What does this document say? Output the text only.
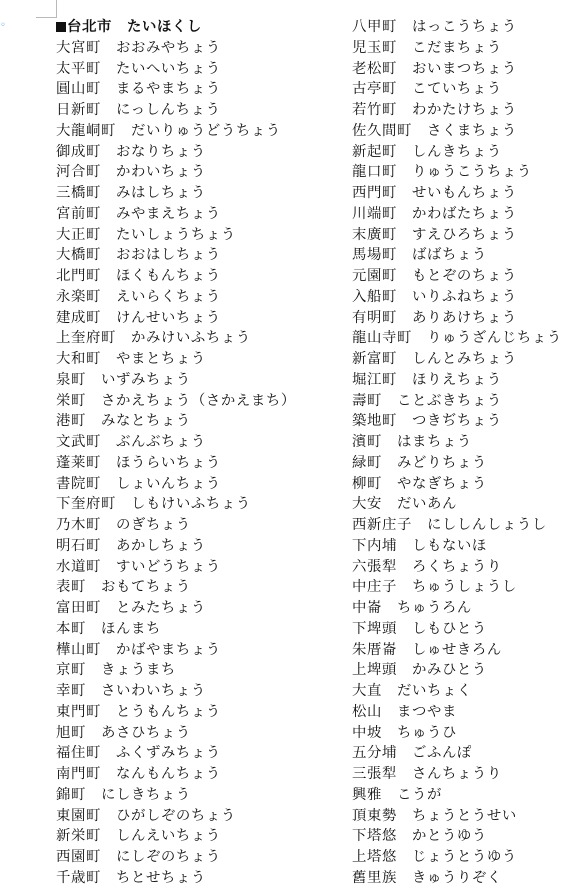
◦	台北市　たいほくし
大宮町　おおみやちょう
太平町　たいへいちょう
圓山町　まるやまちょう
日新町　にっしんちょう
大龍峒町　だいりゅうどうちょう
御成町　おなりちょう
河合町　かわいちょう
三橋町　みはしちょう
宮前町　みやまえちょう
大正町　たいしょうちょう
大橋町　おおはしちょう
北門町　ほくもんちょう
永楽町　えいらくちょう
建成町　けんせいちょう
上奎府町　かみけいふちょう
大和町　やまとちょう
泉町　いずみちょう
栄町　さかえちょう（さかえまち）
港町　みなとちょう
文武町　ぶんぶちょう
蓬莱町　ほうらいちょう
書院町　しょいんちょう
下奎府町　しもけいふちょう
乃木町　のぎちょう
明石町　あかしちょう
水道町　すいどうちょう
表町　おもてちょう
富田町　とみたちょう
本町　ほんまち
樺山町　かばやまちょう
京町　きょうまち
幸町　さいわいちょう
東門町　とうもんちょう
旭町　あさひちょう
福住町　ふくずみちょう
南門町　なんもんちょう
錦町　にしきちょう
東園町　ひがしぞのちょう
新栄町　しんえいちょう
西園町　にしぞのちょう
千歳町　ちとせちょう
八甲町　はっこうちょう
児玉町　こだまちょう
老松町　おいまつちょう
古亭町　こていちょう
若竹町　わかたけちょう
佐久間町　さくまちょう
新起町　しんきちょう
龍口町　りゅうこうちょう
西門町　せいもんちょう
川端町　かわばたちょう
末廣町　すえひろちょう
馬場町　ばばちょう
元園町　もとぞのちょう
入船町　いりふねちょう
有明町　ありあけちょう
龍山寺町　りゅうざんじちょう
新富町　しんとみちょう
堀江町　ほりえちょう
壽町　ことぶきちょう
築地町　つきぢちょう
濱町　はまちょう
緑町　みどりちょう
柳町　やなぎちょう
大安　だいあん
西新庄子　にししんしょうし
下内埔　しもないほ
六張犁　ろくちょうり
中庄子　ちゅうしょうし
中崙　ちゅうろん
下埤頭　しもひとう
朱厝崙　しゅせきろん
上埤頭　かみひとう
大直　だいちょく
松山　まつやま
中坡　ちゅうひ
五分埔　ごふんぽ
三張犁　さんちょうり
興雅　こうが
頂東勢　ちょうとうせい
下塔悠　かとうゆう
上塔悠　じょうとうゆう
舊里族　きゅうりぞく
